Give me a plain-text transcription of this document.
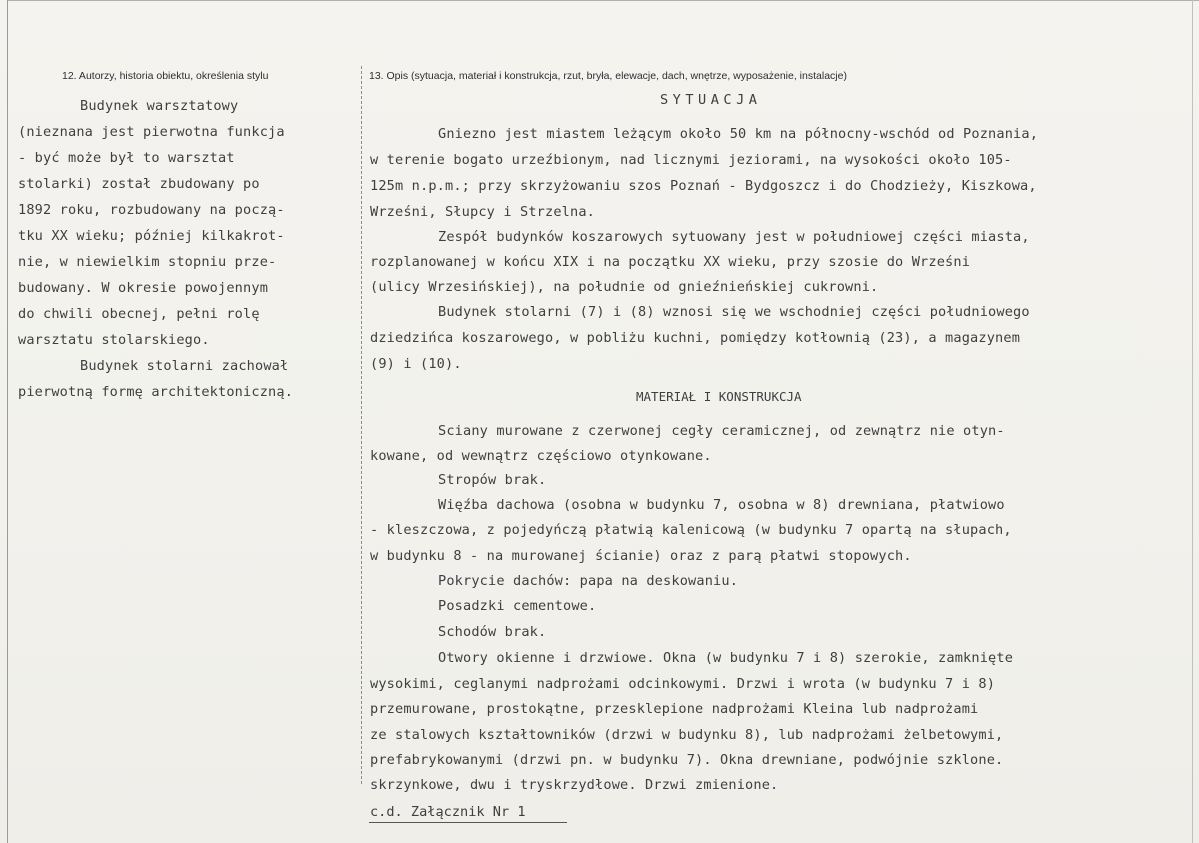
12. Autorzy, historia obiektu, określenia stylu
Budynek warsztatowy
(nieznana jest pierwotna funkcja
- być może był to warsztat
stolarki) został zbudowany po
1892 roku, rozbudowany na począ-
tku XX wieku; później kilkakrot-
nie, w niewielkim stopniu prze-
budowany. W okresie powojennym
do chwili obecnej, pełni rolę
warsztatu stolarskiego.
Budynek stolarni zachował
pierwotną formę architektoniczną.
13. Opis (sytuacja, materiał i konstrukcja, rzut, bryła, elewacje, dach, wnętrze, wyposażenie, instalacje)
SYTUACJA
Gniezno jest miastem leżącym około 50 km na północny-wschód od Poznania,
w terenie bogato urzeźbionym, nad licznymi jeziorami, na wysokości około 105-
125m n.p.m.; przy skrzyżowaniu szos Poznań - Bydgoszcz i do Chodzieży, Kiszkowa,
Wrześni, Słupcy i Strzelna.
Zespół budynków koszarowych sytuowany jest w południowej części miasta,
rozplanowanej w końcu XIX i na początku XX wieku, przy szosie do Wrześni
(ulicy Wrzesińskiej), na południe od gnieźnieńskiej cukrowni.
Budynek stolarni (7) i (8) wznosi się we wschodniej części południowego
dziedzińca koszarowego, w pobliżu kuchni, pomiędzy kotłownią (23), a magazynem
(9) i (10).
MATERIAŁ I KONSTRUKCJA
Sciany murowane z czerwonej cegły ceramicznej, od zewnątrz nie otyn-
kowane, od wewnątrz częściowo otynkowane.
Stropów brak.
Więźba dachowa (osobna w budynku 7, osobna w 8) drewniana, płatwiowo
- kleszczowa, z pojedyńczą płatwią kalenicową (w budynku 7 opartą na słupach,
w budynku 8 - na murowanej ścianie) oraz z parą płatwi stopowych.
Pokrycie dachów: papa na deskowaniu.
Posadzki cementowe.
Schodów brak.
Otwory okienne i drzwiowe. Okna (w budynku 7 i 8) szerokie, zamknięte
wysokimi, ceglanymi nadprożami odcinkowymi. Drzwi i wrota (w budynku 7 i 8)
przemurowane, prostokątne, przesklepione nadprożami Kleina lub nadprożami
ze stalowych kształtowników (drzwi w budynku 8), lub nadprożami żelbetowymi,
prefabrykowanymi (drzwi pn. w budynku 7). Okna drewniane, podwójnie szklone.
skrzynkowe, dwu i tryskrzydłowe. Drzwi zmienione.
c.d. Załącznik Nr 1
